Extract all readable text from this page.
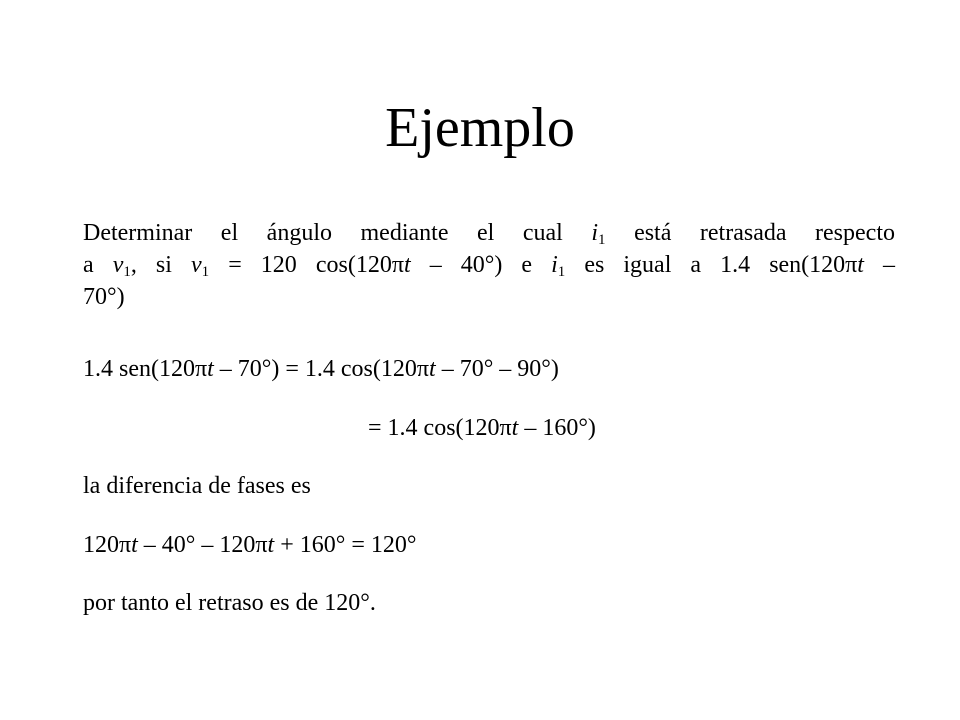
Ejemplo
Determinar el ángulo mediante el cual $i_1$ está retrasada respecto
a $v_1$, si $v_1 = 120$ cos(120πt – 40°) e $i_1$ es igual a 1.4 sen(120πt –
70°)
1.4 sen(120πt – 70°) = 1.4 cos(120πt – 70° – 90°)
= 1.4 cos(120πt – 160°)
la diferencia de fases es
120πt – 40° – 120πt + 160° = 120°
por tanto el retraso es de 120°.
